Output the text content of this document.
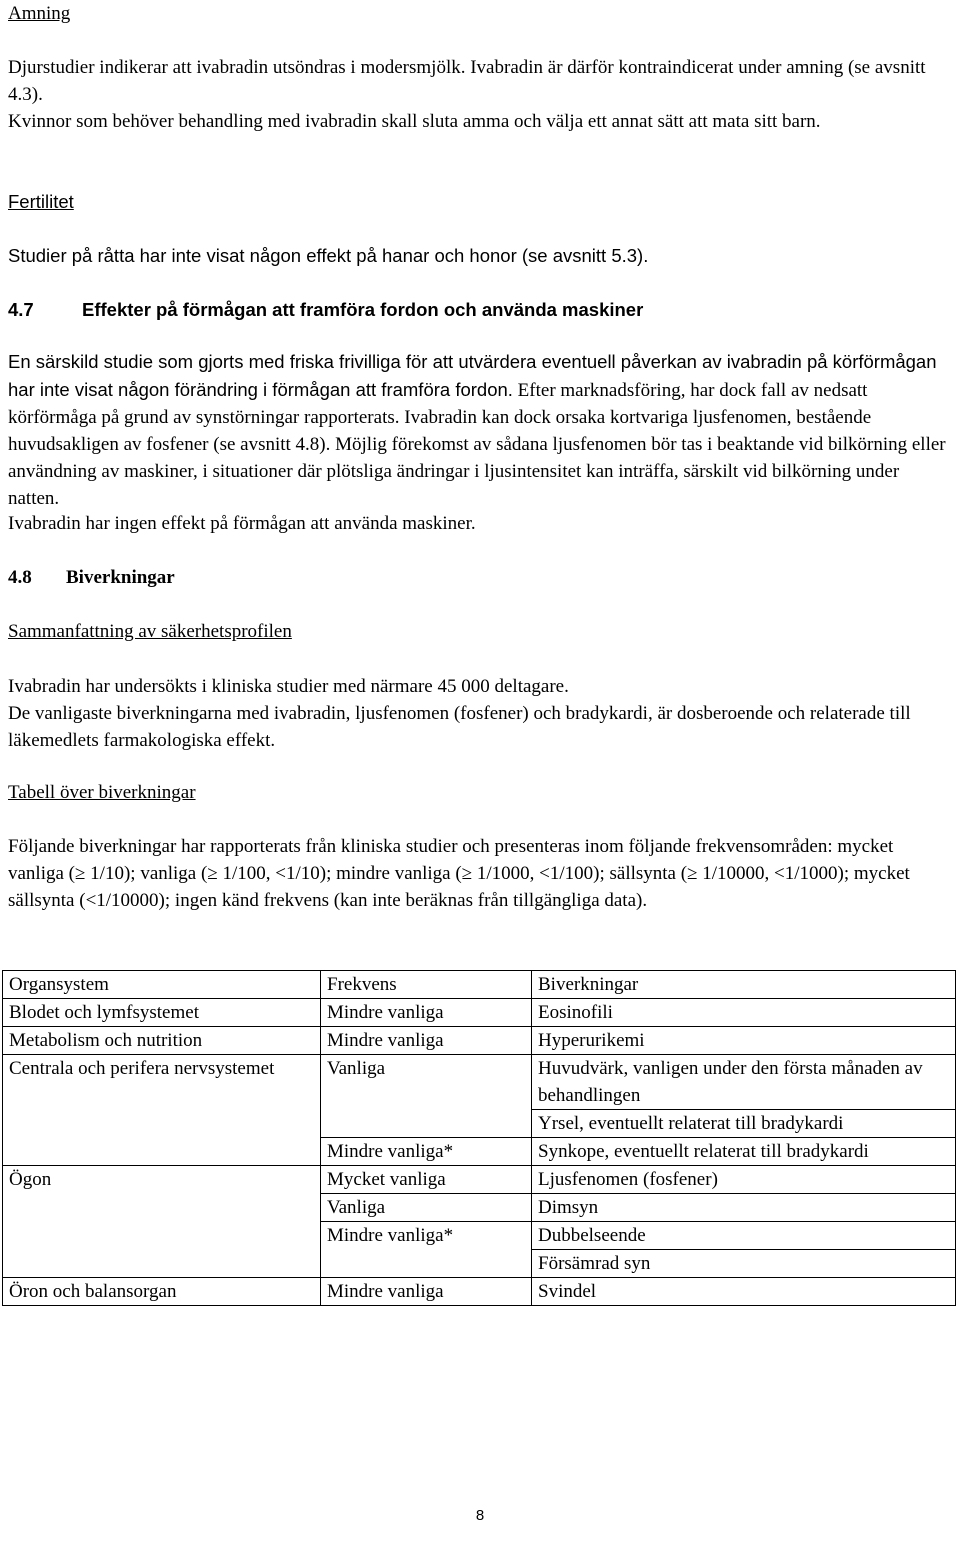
Amning
Djurstudier indikerar att ivabradin utsöndras i modersmjölk. Ivabradin är därför kontraindicerat under amning (se avsnitt 4.3).
Kvinnor som behöver behandling med ivabradin skall sluta amma och välja ett annat sätt att mata sitt barn.
Fertilitet
Studier på råtta har inte visat någon effekt på hanar och honor (se avsnitt 5.3).
4.7	Effekter på förmågan att framföra fordon och använda maskiner
En särskild studie som gjorts med friska frivilliga för att utvärdera eventuell påverkan av ivabradin på körförmågan har inte visat någon förändring i förmågan att framföra fordon. Efter marknadsföring, har dock fall av nedsatt körförmåga på grund av synstörningar rapporterats. Ivabradin kan dock orsaka kortvariga ljusfenomen, bestående huvudsakligen av fosfener (se avsnitt 4.8). Möjlig förekomst av sådana ljusfenomen bör tas i beaktande vid bilkörning eller användning av maskiner, i situationer där plötsliga ändringar i ljusintensitet kan inträffa, särskilt vid bilkörning under natten.
Ivabradin har ingen effekt på förmågan att använda maskiner.
4.8 Biverkningar
Sammanfattning av säkerhetsprofilen
Ivabradin har undersökts i kliniska studier med närmare 45 000 deltagare.
De vanligaste biverkningarna med ivabradin, ljusfenomen (fosfener) och bradykardi, är dosberoende och relaterade till läkemedlets farmakologiska effekt.
Tabell över biverkningar
Följande biverkningar har rapporterats från kliniska studier och presenteras inom följande frekvensområden: mycket vanliga (≥ 1/10); vanliga (≥ 1/100, <1/10); mindre vanliga (≥ 1/1000, <1/100); sällsynta (≥ 1/10000, <1/1000); mycket sällsynta (<1/10000); ingen känd frekvens (kan inte beräknas från tillgängliga data).
Organsystem	Frekvens	Biverkningar
Blodet och lymfsystemet	Mindre vanliga	Eosinofili
Metabolism och nutrition	Mindre vanliga	Hyperurikemi
Centrala och perifera nervsystemet	Vanliga	Huvudvärk, vanligen under den första månaden av behandlingen
		Yrsel, eventuellt relaterat till bradykardi
	Mindre vanliga*	Synkope, eventuellt relaterat till bradykardi
Ögon	Mycket vanliga	Ljusfenomen (fosfener)
	Vanliga	Dimsyn
	Mindre vanliga*	Dubbelseende
		Försämrad syn
Öron och balansorgan	Mindre vanliga	Svindel
8
